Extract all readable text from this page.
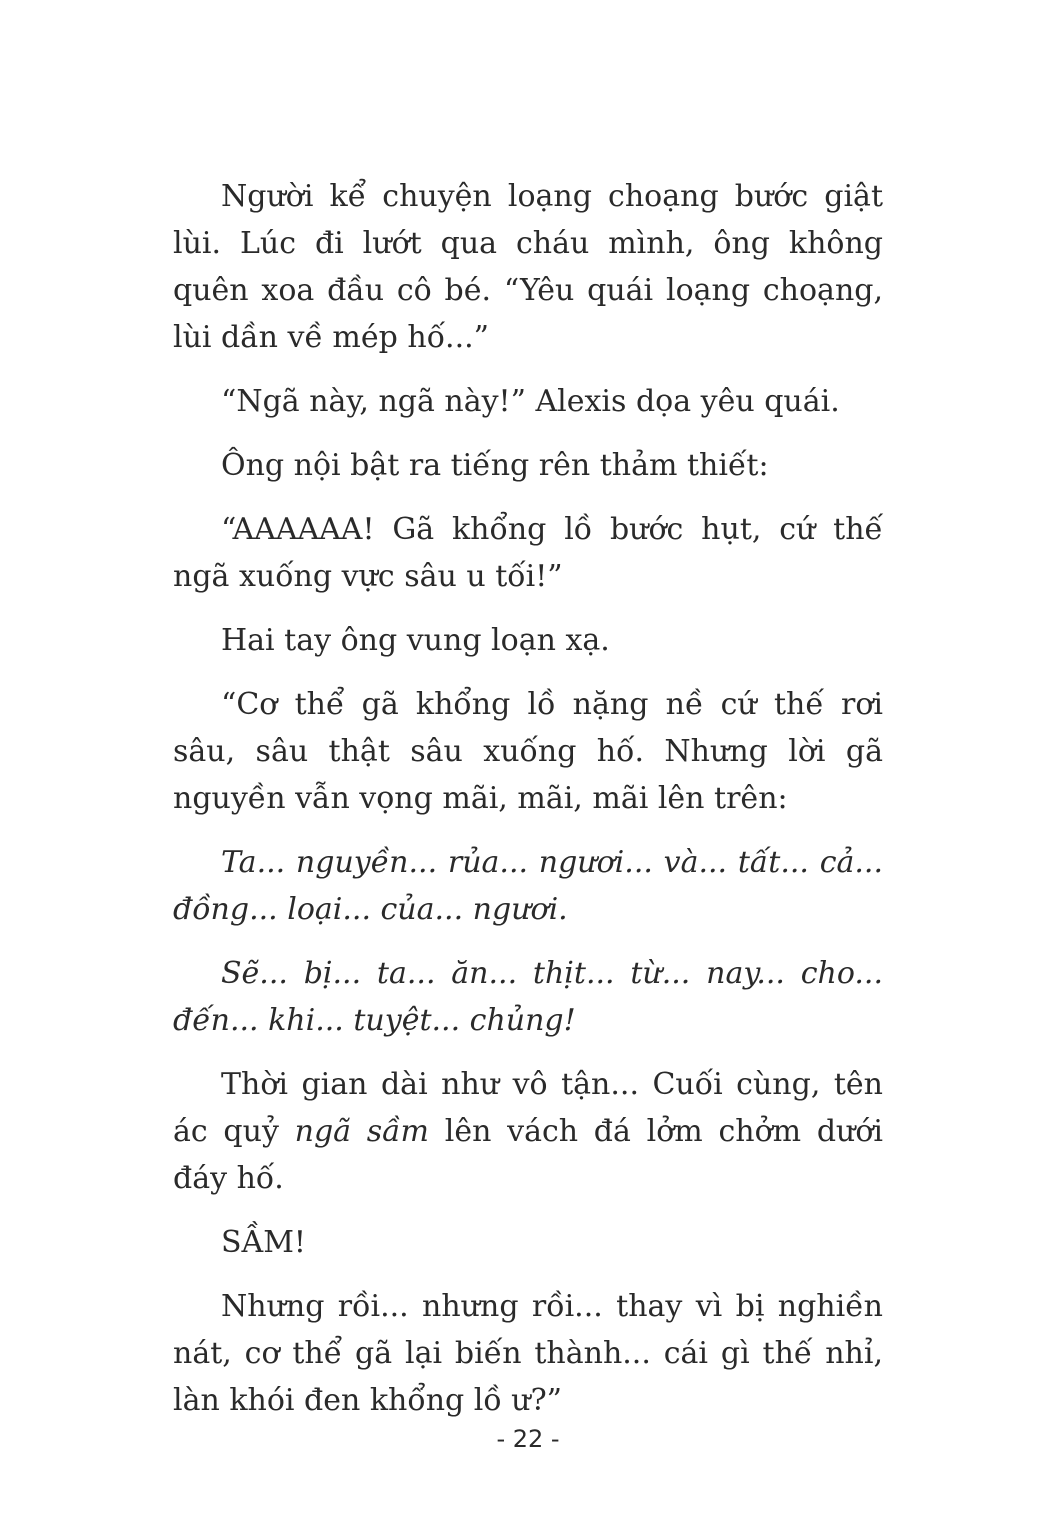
Người kể chuyện loạng choạng bước giật lùi. Lúc đi lướt qua cháu mình, ông không quên xoa đầu cô bé. “Yêu quái loạng choạng, lùi dần về mép hố...”

“Ngã này, ngã này!” Alexis dọa yêu quái.

Ông nội bật ra tiếng rên thảm thiết:

“AAAAAA! Gã khổng lồ bước hụt, cứ thế ngã xuống vực sâu u tối!”

Hai tay ông vung loạn xạ.

“Cơ thể gã khổng lồ nặng nề cứ thế rơi sâu, sâu thật sâu xuống hố. Nhưng lời gã nguyền vẫn vọng mãi, mãi, mãi lên trên:

Ta... nguyền... rủa... ngươi... và... tất... cả... đồng... loại... của... ngươi.

Sẽ... bị... ta... ăn... thịt... từ... nay... cho... đến... khi... tuyệt... chủng!

Thời gian dài như vô tận... Cuối cùng, tên ác quỷ ngã sầm lên vách đá lởm chởm dưới đáy hố.

SẦM!

Nhưng rồi... nhưng rồi... thay vì bị nghiền nát, cơ thể gã lại biến thành... cái gì thế nhỉ, làn khói đen khổng lồ ư?”

- 22 -
